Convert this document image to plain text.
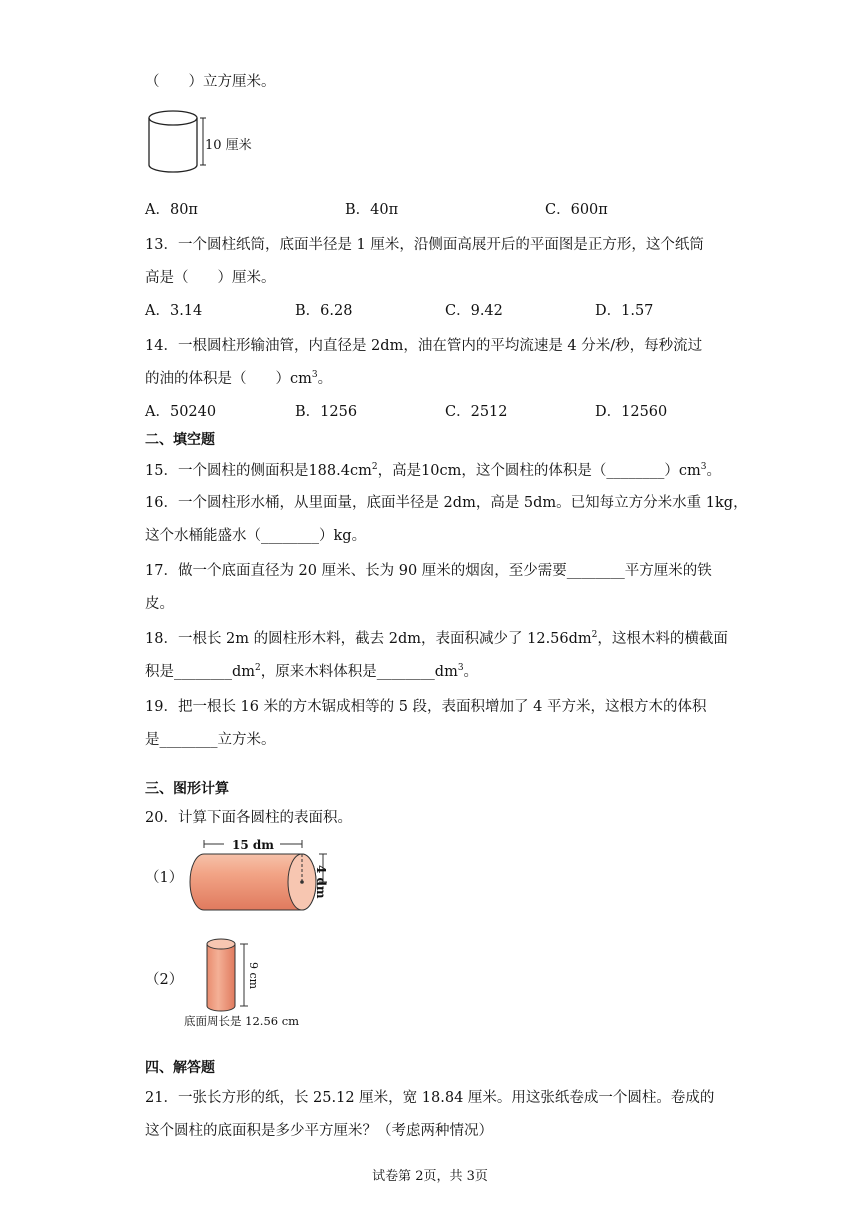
（　　）立方厘米。
10 厘米
A．80π	B．40π	C．600π
13．一个圆柱纸筒，底面半径是 1 厘米，沿侧面高展开后的平面图是正方形，这个纸筒
高是（　　）厘米。
A．3.14	B．6.28	C．9.42	D．1.57
14．一根圆柱形输油管，内直径是 2dm，油在管内的平均流速是 4 分米/秒，每秒流过
的油的体积是（　　）$cm^3$。
A．50240	B．1256	C．2512	D．12560
二、填空题
15．一个圆柱的侧面积是$188.4cm^2$，高是10cm，这个圆柱的体积是$(\_\_\_\_\_\_\_\_)cm^3$。
16．一个圆柱形水桶，从里面量，底面半径是 2dm，高是 5dm。已知每立方分米水重 1kg，
这个水桶能盛水（________）kg。
17．做一个底面直径为 20 厘米、长为 90 厘米的烟囱，至少需要________平方厘米的铁
皮。
18．一根长 2m 的圆柱形木料，截去 2dm，表面积减少了 $12.56dm^2$，这根木料的横截面
积是$\_\_\_\_\_\_\_\_dm^2$，原来木料体积是$\_\_\_\_\_\_\_\_dm^3$。
19．把一根长 16 米的方木锯成相等的 5 段，表面积增加了 4 平方米，这根方木的体积
是________立方米。
三、图形计算
20．计算下面各圆柱的表面积。
（1）
15 dm
4 dm
（2）	9 cm
底面周长是 12.56 cm
四、解答题
21．一张长方形的纸，长 25.12 厘米，宽 18.84 厘米。用这张纸卷成一个圆柱。卷成的
这个圆柱的底面积是多少平方厘米？（考虑两种情况）
试卷第 2页，共 3页
